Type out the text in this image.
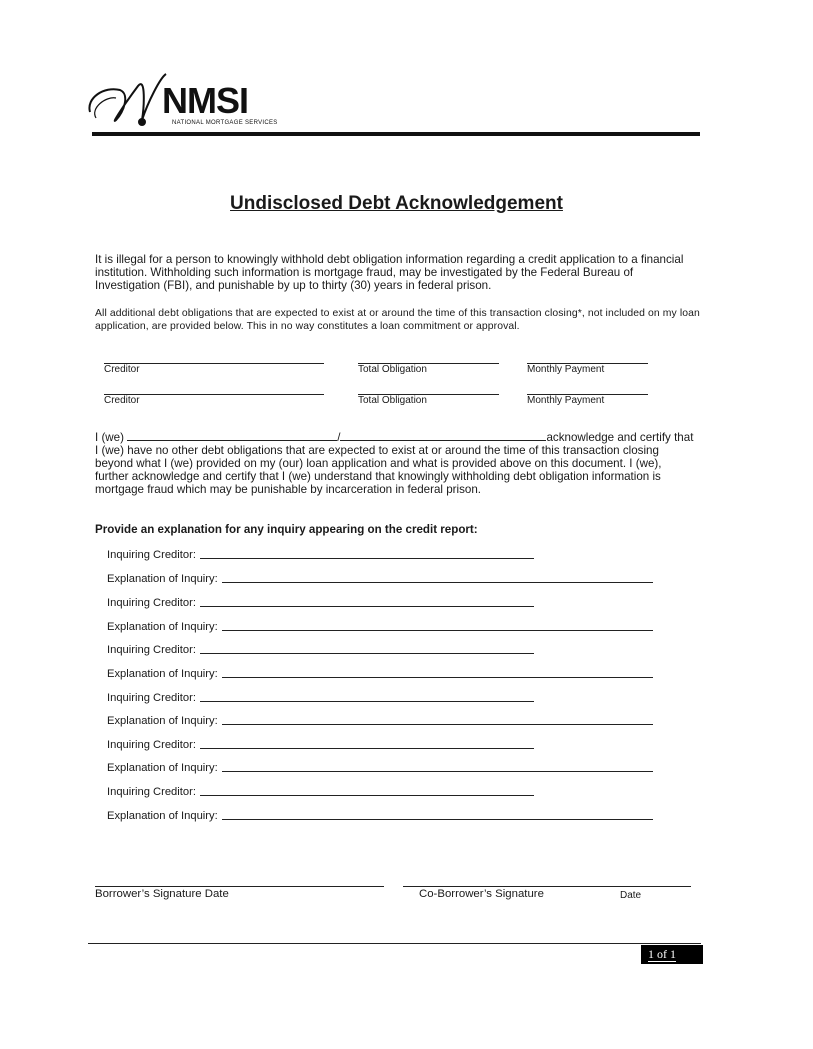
NMSI
NATIONAL MORTGAGE SERVICES
Undisclosed Debt Acknowledgement
It is illegal for a person to knowingly withhold debt obligation information regarding a credit application to a financial institution. Withholding such information is mortgage fraud, may be investigated by the Federal Bureau of Investigation (FBI), and punishable by up to thirty (30) years in federal prison.
All additional debt obligations that are expected to exist at or around the time of this transaction closing*, not included on my loan application, are provided below. This in no way constitutes a loan commitment or approval.
Creditor	Total Obligation	Monthly Payment
Creditor	Total Obligation	Monthly Payment
I (we)	/	acknowledge and certify that I (we) have no other debt obligations that are expected to exist at or around the time of this transaction closing beyond what I (we) provided on my (our) loan application and what is provided above on this document. I (we), further acknowledge and certify that I (we) understand that knowingly withholding debt obligation information is mortgage fraud which may be punishable by incarceration in federal prison.
Provide an explanation for any inquiry appearing on the credit report:
Inquiring Creditor:
Explanation of Inquiry:
Inquiring Creditor:
Explanation of Inquiry:
Inquiring Creditor:
Explanation of Inquiry:
Inquiring Creditor:
Explanation of Inquiry:
Inquiring Creditor:
Explanation of Inquiry:
Inquiring Creditor:
Explanation of Inquiry:
Borrower’s Signature Date	Co-Borrower’s Signature	Date
1 of 1
